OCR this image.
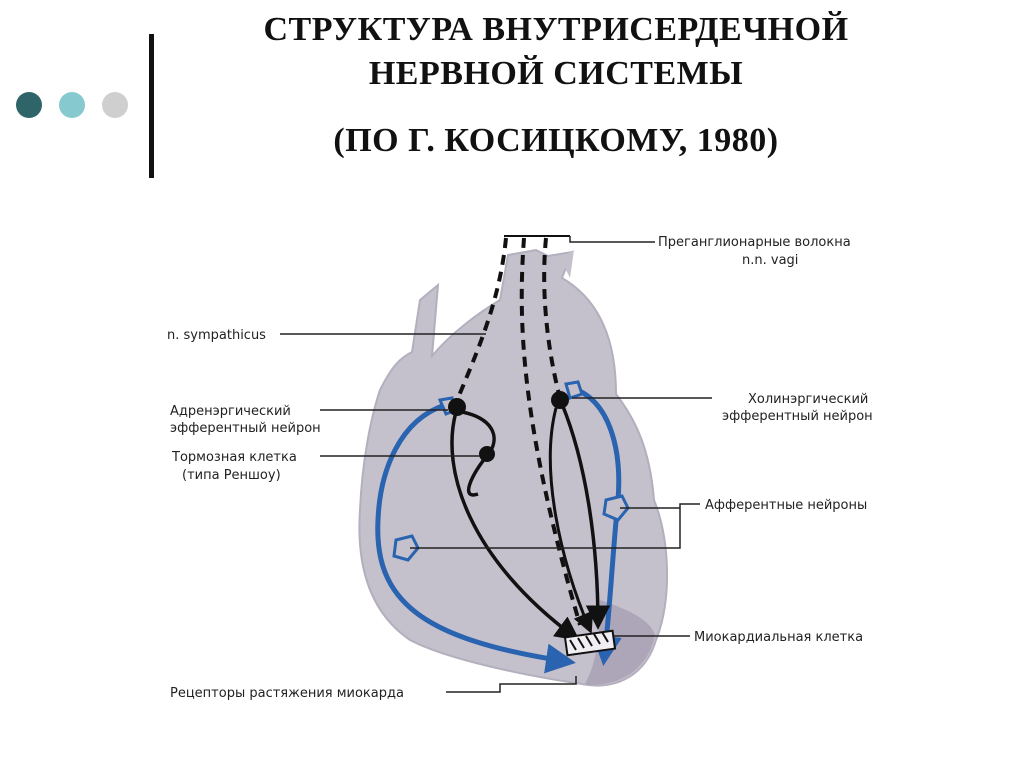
СТРУКТУРА ВНУТРИСЕРДЕЧНОЙ
НЕРВНОЙ СИСТЕМЫ
(ПО Г. КОСИЦКОМУ, 1980)
Преганглионарные волокна
n.n. vagi
n. sympathicus
Адренэргический
эфферентный нейрон
Тормозная клетка
(типа Реншоу)
Холинэргический
эфферентный нейрон
Афферентные нейроны
Миокардиальная клетка
Рецепторы растяжения миокарда
